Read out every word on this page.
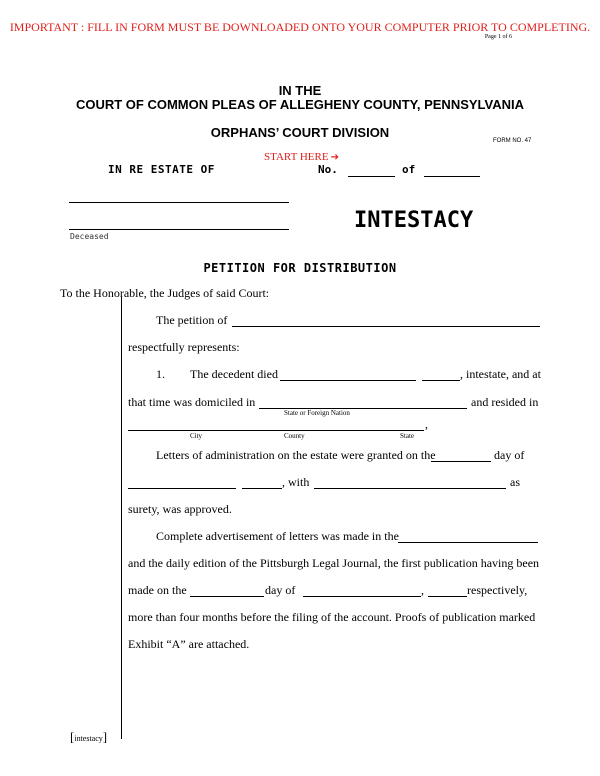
IMPORTANT : FILL IN FORM MUST BE DOWNLOADED ONTO YOUR COMPUTER PRIOR TO COMPLETING.
Page 1 of 6
IN THE
COURT OF COMMON PLEAS OF ALLEGHENY COUNTY, PENNSYLVANIA
ORPHANS’ COURT DIVISION
FORM NO. 47
START HERE ➔
IN RE ESTATE OF	No.	of
Deceased
INTESTACY
PETITION FOR DISTRIBUTION
To the Honorable, the Judges of said Court:
The petition of
respectfully represents:
1. The decedent died	, intestate, and at
that time was domiciled in
State or Foreign Nation
and resided in
,
City	County	State
Letters of administration on the estate were granted on the	day of
, with	as
surety, was approved.
Complete advertisement of letters was made in the
and the daily edition of the Pittsburgh Legal Journal, the first publication having been
made on the	day of	,	respectively,
more than four months before the filing of the account. Proofs of publication marked
Exhibit “A” are attached.
[intestacy]
